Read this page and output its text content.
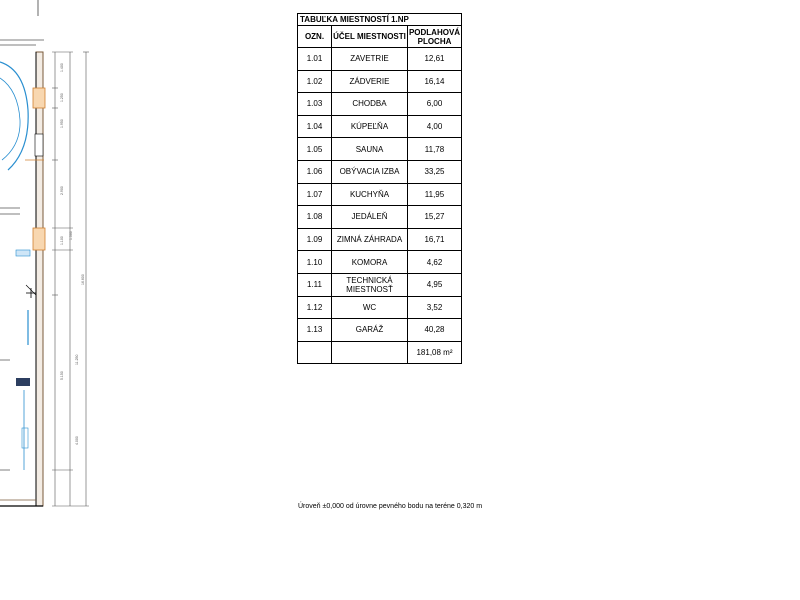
1.400
1.250
2.900
1.500
5.150
1.100
16.600
1.950
4.000
11.250
TABUĽKA MIESTNOSTÍ 1.NP		
OZN.	ÚČEL MIESTNOSTI	PODLAHOVÁ PLOCHA
1.01	ZAVETRIE	12,61
1.02	ZÁDVERIE	16,14
1.03	CHODBA	6,00
1.04	KÚPEĽŇA	4,00
1.05	SAUNA	11,78
1.06	OBÝVACIA IZBA	33,25
1.07	KUCHYŇA	11,95
1.08	JEDÁLEŇ	15,27
1.09	ZIMNÁ ZÁHRADA	16,71
1.10	KOMORA	4,62
1.11	TECHNICKÁ MIESTNOSŤ	4,95
1.12	WC	3,52
1.13	GARÁŽ	40,28
		181,08 m²
Úroveň ±0,000 od úrovne pevného bodu na teréne 0,320 m
